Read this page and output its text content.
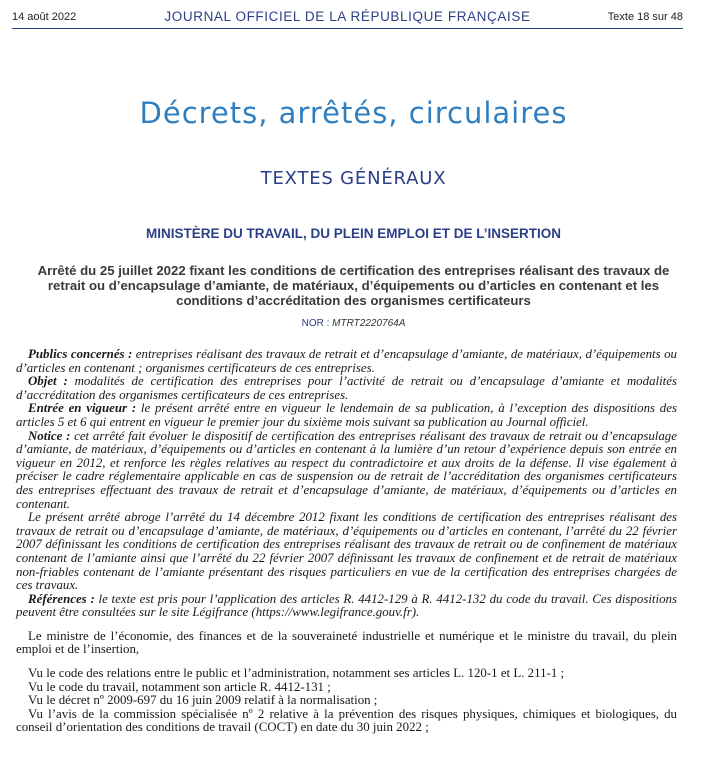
14 août 2022	JOURNAL OFFICIEL DE LA RÉPUBLIQUE FRANÇAISE	Texte 18 sur 48
Décrets, arrêtés, circulaires
TEXTES GÉNÉRAUX
MINISTÈRE DU TRAVAIL, DU PLEIN EMPLOI ET DE L’INSERTION
Arrêté du 25 juillet 2022 fixant les conditions de certification des entreprises réalisant des travaux de retrait ou d’encapsulage d’amiante, de matériaux, d’équipements ou d’articles en contenant et les conditions d’accréditation des organismes certificateurs
NOR : MTRT2220764A

Publics concernés : entreprises réalisant des travaux de retrait et d’encapsulage d’amiante, de matériaux, d’équipements ou d’articles en contenant ; organismes certificateurs de ces entreprises.

Objet : modalités de certification des entreprises pour l’activité de retrait ou d’encapsulage d’amiante et modalités d’accréditation des organismes certificateurs de ces entreprises.

Entrée en vigueur : le présent arrêté entre en vigueur le lendemain de sa publication, à l’exception des dispositions des articles 5 et 6 qui entrent en vigueur le premier jour du sixième mois suivant sa publication au Journal officiel.

Notice : cet arrêté fait évoluer le dispositif de certification des entreprises réalisant des travaux de retrait ou d’encapsulage d’amiante, de matériaux, d’équipements ou d’articles en contenant à la lumière d’un retour d’expérience depuis son entrée en vigueur en 2012, et renforce les règles relatives au respect du contradictoire et aux droits de la défense. Il vise également à préciser le cadre réglementaire applicable en cas de suspension ou de retrait de l’accréditation des organismes certificateurs des entreprises effectuant des travaux de retrait et d’encapsulage d’amiante, de matériaux, d’équipements ou d’articles en contenant.

Le présent arrêté abroge l’arrêté du 14 décembre 2012 fixant les conditions de certification des entreprises réalisant des travaux de retrait ou d’encapsulage d’amiante, de matériaux, d’équipements ou d’articles en contenant, l’arrêté du 22 février 2007 définissant les conditions de certification des entreprises réalisant des travaux de retrait ou de confinement de matériaux contenant de l’amiante ainsi que l’arrêté du 22 février 2007 définissant les travaux de confinement et de retrait de matériaux non-friables contenant de l’amiante présentant des risques particuliers en vue de la certification des entreprises chargées de ces travaux.

Références : le texte est pris pour l’application des articles R. 4412-129 à R. 4412-132 du code du travail. Ces dispositions peuvent être consultées sur le site Légifrance (https://www.legifrance.gouv.fr).

Le ministre de l’économie, des finances et de la souveraineté industrielle et numérique et le ministre du travail, du plein emploi et de l’insertion,

Vu le code des relations entre le public et l’administration, notamment ses articles L. 120-1 et L. 211-1 ;

Vu le code du travail, notamment son article R. 4412-131 ;

Vu le décret nº 2009-697 du 16 juin 2009 relatif à la normalisation ;

Vu l’avis de la commission spécialisée nº 2 relative à la prévention des risques physiques, chimiques et biologiques, du conseil d’orientation des conditions de travail (COCT) en date du 30 juin 2022 ;
